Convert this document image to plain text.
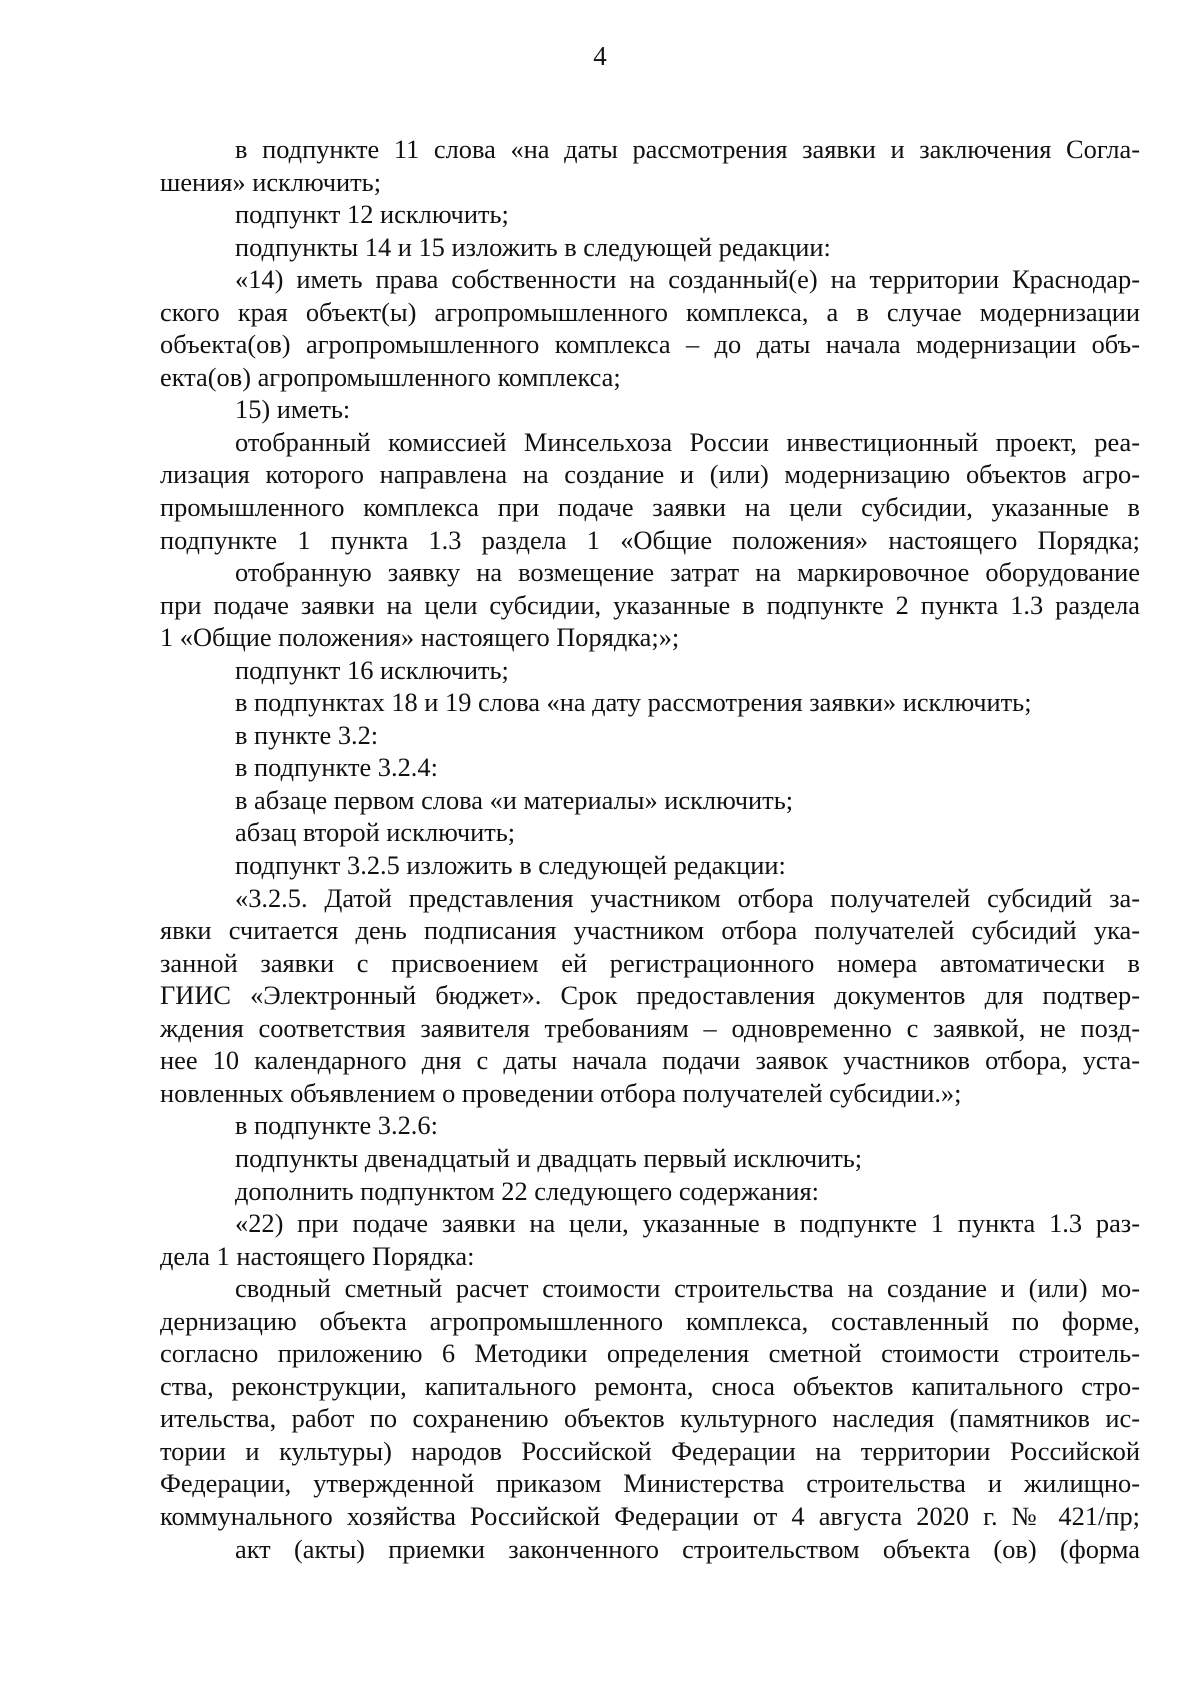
4
в подпункте 11 слова «на даты рассмотрения заявки и заключения Согла-
шения» исключить;
подпункт 12 исключить;
подпункты 14 и 15 изложить в следующей редакции:
«14) иметь права собственности на созданный(е) на территории Краснодар-
ского края объект(ы) агропромышленного комплекса, а в случае модернизации
объекта(ов) агропромышленного комплекса – до даты начала модернизации объ-
екта(ов) агропромышленного комплекса;
15) иметь:
отобранный комиссией Минсельхоза России инвестиционный проект, реа-
лизация которого направлена на создание и (или) модернизацию объектов агро-
промышленного комплекса при подаче заявки на цели субсидии, указанные в
подпункте 1 пункта 1.3 раздела 1 «Общие положения» настоящего Порядка;
отобранную заявку на возмещение затрат на маркировочное оборудование
при подаче заявки на цели субсидии, указанные в подпункте 2 пункта 1.3 раздела
1 «Общие положения» настоящего Порядка;»;
подпункт 16 исключить;
в подпунктах 18 и 19 слова «на дату рассмотрения заявки» исключить;
в пункте 3.2:
в подпункте 3.2.4:
в абзаце первом слова «и материалы» исключить;
абзац второй исключить;
подпункт 3.2.5 изложить в следующей редакции:
«3.2.5. Датой представления участником отбора получателей субсидий за-
явки считается день подписания участником отбора получателей субсидий ука-
занной заявки с присвоением ей регистрационного номера автоматически в
ГИИС «Электронный бюджет». Срок предоставления документов для подтвер-
ждения соответствия заявителя требованиям – одновременно с заявкой, не позд-
нее 10 календарного дня с даты начала подачи заявок участников отбора, уста-
новленных объявлением о проведении отбора получателей субсидии.»;
в подпункте 3.2.6:
подпункты двенадцатый и двадцать первый исключить;
дополнить подпунктом 22 следующего содержания:
«22) при подаче заявки на цели, указанные в подпункте 1 пункта 1.3 раз-
дела 1 настоящего Порядка:
сводный сметный расчет стоимости строительства на создание и (или) мо-
дернизацию объекта агропромышленного комплекса, составленный по форме,
согласно приложению 6 Методики определения сметной стоимости строитель-
ства, реконструкции, капитального ремонта, сноса объектов капитального стро-
ительства, работ по сохранению объектов культурного наследия (памятников ис-
тории и культуры) народов Российской Федерации на территории Российской
Федерации, утвержденной приказом Министерства строительства и жилищно-
коммунального хозяйства Российской Федерации от 4 августа 2020 г. № 421/пр;
акт (акты) приемки законченного строительством объекта (ов) (форма
